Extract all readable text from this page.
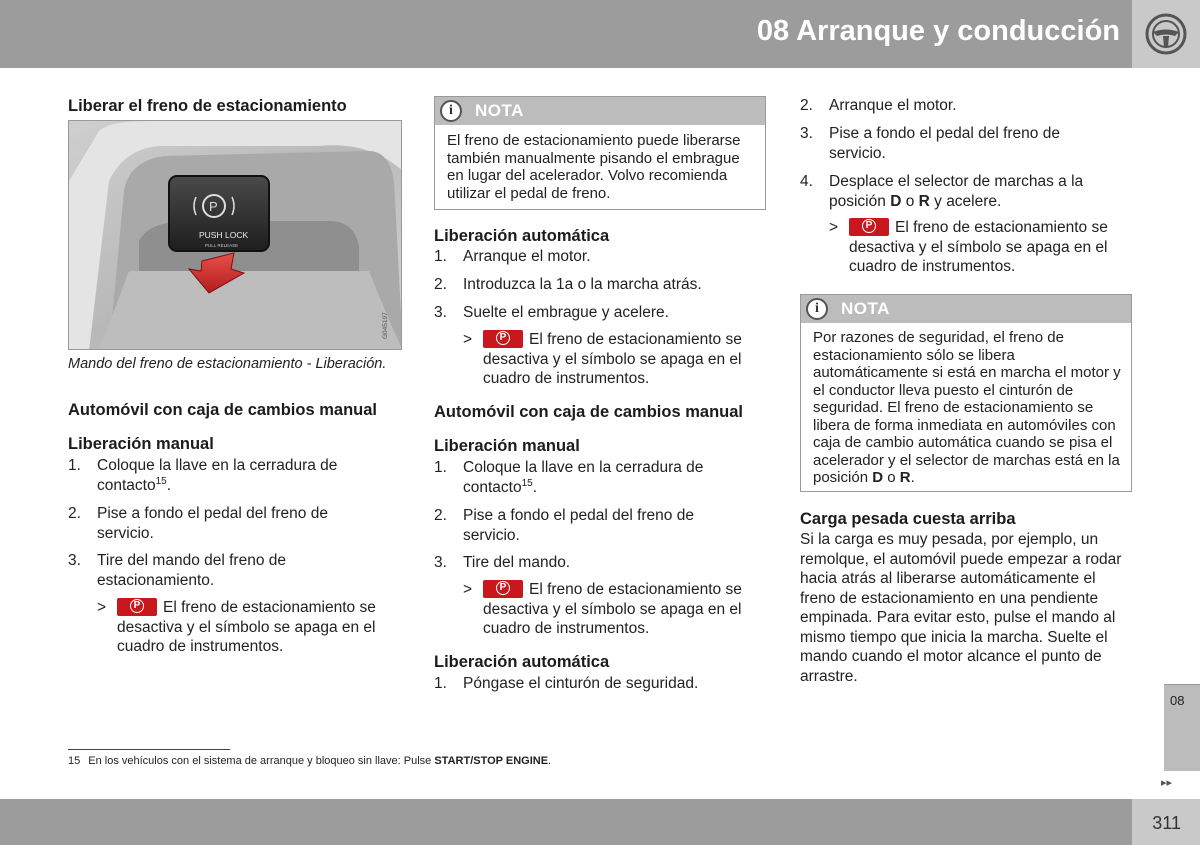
08 Arranque y conducción
Liberar el freno de estacionamiento
P
PUSH LOCK
PULL RELEASE
G045197
Mando del freno de estacionamiento - Liberación.
Automóvil con caja de cambios manual
Liberación manual
1. Coloque la llave en la cerradura de contacto$^{15}$.
2. Pise a fondo el pedal del freno de servicio.
3. Tire del mando del freno de estacionamiento.
> P	El freno de estacionamiento se desactiva y el símbolo se apaga en el cuadro de instrumentos.
i
NOTA
El freno de estacionamiento puede liberarse también manualmente pisando el embrague en lugar del acelerador. Volvo recomienda utilizar el pedal de freno.
Liberación automática
1. Arranque el motor.
2. Introduzca la 1a o la marcha atrás.
3. Suelte el embrague y acelere.
> P	El freno de estacionamiento se desactiva y el símbolo se apaga en el cuadro de instrumentos.
Automóvil con caja de cambios manual
Liberación manual
1. Coloque la llave en la cerradura de contacto$^{15}$.
2. Pise a fondo el pedal del freno de servicio.
3. Tire del mando.
> P	El freno de estacionamiento se desactiva y el símbolo se apaga en el cuadro de instrumentos.
Liberación automática
1. Póngase el cinturón de seguridad.
2. Arranque el motor.
3. Pise a fondo el pedal del freno de servicio.
4. Desplace el selector de marchas a la posición D o R y acelere.
> P	El freno de estacionamiento se desactiva y el símbolo se apaga en el cuadro de instrumentos.
i
NOTA
Por razones de seguridad, el freno de estacionamiento sólo se libera automáticamente si está en marcha el motor y el conductor lleva puesto el cinturón de seguridad. El freno de estacionamiento se libera de forma inmediata en automóviles con caja de cambio automática cuando se pisa el acelerador y el selector de marchas está en la posición D o R.
Carga pesada cuesta arriba
Si la carga es muy pesada, por ejemplo, un remolque, el automóvil puede empezar a rodar hacia atrás al liberarse automáticamente el freno de estacionamiento en una pendiente empinada. Para evitar esto, pulse el mando al mismo tiempo que inicia la marcha. Suelte el mando cuando el motor alcance el punto de arrastre.
15 En los vehículos con el sistema de arranque y bloqueo sin llave: Pulse START/STOP ENGINE.
08
▸▸
311
